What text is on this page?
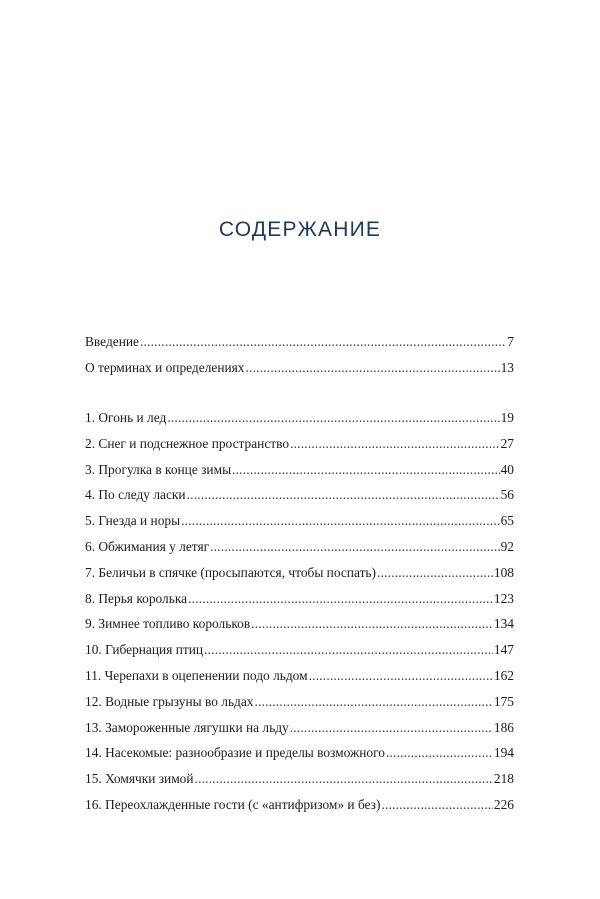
СОДЕРЖАНИЕ
Введение .....	7
О терминах и определениях .....	13
1. Огонь и лед .....	19
2. Снег и подснежное пространство .....	27
3. Прогулка в конце зимы .....	40
4. По следу ласки .....	56
5. Гнезда и норы .....	65
6. Обжимания у летяг .....	92
7. Беличьи в спячке (просыпаются, чтобы поспать) .....	108
8. Перья королька .....	123
9. Зимнее топливо корольков .....	134
10. Гибернация птиц .....	147
11. Черепахи в оцепенении подо льдом .....	162
12. Водные грызуны во льдах .....	175
13. Замороженные лягушки на льду .....	186
14. Насекомые: разнообразие и пределы возможного .....	194
15. Хомячки зимой .....	218
16. Переохлажденные гости (с «антифризом» и без) .....	226
